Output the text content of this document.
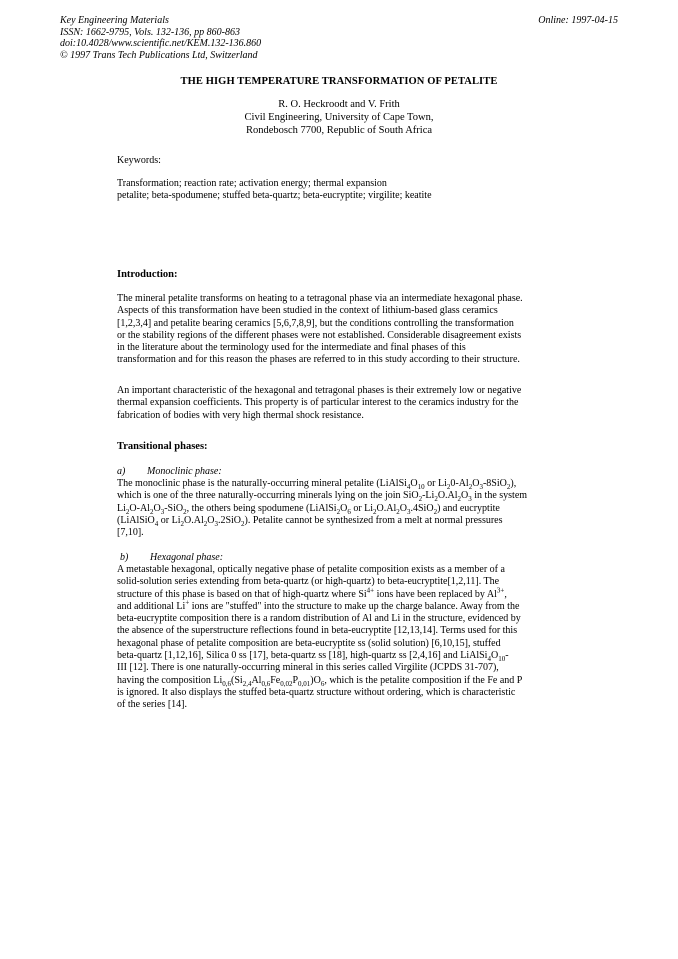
Key Engineering Materials
ISSN: 1662-9795, Vols. 132-136, pp 860-863
doi:10.4028/www.scientific.net/KEM.132-136.860
© 1997 Trans Tech Publications Ltd, Switzerland
Online: 1997-04-15
THE HIGH TEMPERATURE TRANSFORMATION OF PETALITE
R. O. Heckroodt and V. Frith
Civil Engineering, University of Cape Town,
Rondebosch 7700, Republic of South Africa
Keywords:
Transformation; reaction rate; activation energy; thermal expansion
petalite; beta-spodumene; stuffed beta-quartz; beta-eucryptite; virgilite; keatite
Introduction:
The mineral petalite transforms on heating to a tetragonal phase via an intermediate hexagonal phase.
Aspects of this transformation have been studied in the context of lithium-based glass ceramics
[1,2,3,4] and petalite bearing ceramics [5,6,7,8,9], but the conditions controlling the transformation
or the stability regions of the different phases were not established. Considerable disagreement exists
in the literature about the terminology used for the intermediate and final phases of this
transformation and for this reason the phases are referred to in this study according to their structure.
An important characteristic of the hexagonal and tetragonal phases is their extremely low or negative
thermal expansion coefficients. This property is of particular interest to the ceramics industry for the
fabrication of bodies with very high thermal shock resistance.
Transitional phases:
a) Monoclinic phase:
The monoclinic phase is the naturally-occurring mineral petalite ($LiAlSi_4O_{10}$ or $Li_20-Al_2O_3-8SiO_2$),
which is one of the three naturally-occurring minerals lying on the join $SiO_2-Li_2O.Al_2O_3$ in the system
$Li_2O-Al_2O_3-SiO_2$, the others being spodumene ($LiAlSi_2O_6$ or $Li_2O.Al_2O_3.4SiO_2$) and eucryptite
(LiAlSiO$_4$ or $Li_2O.Al_2O_3.2SiO_2$). Petalite cannot be synthesized from a melt at normal pressures
[7,10].
b) Hexagonal phase:
A metastable hexagonal, optically negative phase of petalite composition exists as a member of a
solid-solution series extending from beta-quartz (or high-quartz) to beta-eucryptite[1,2,11]. The
structure of this phase is based on that of high-quartz where $Si^{4+}$ ions have been replaced by $Al^{3+}$,
and additional Li+ ions are "stuffed" into the structure to make up the charge balance. Away from the
beta-eucryptite composition there is a random distribution of Al and Li in the structure, evidenced by
the absence of the superstructure reflections found in beta-eucryptite [12,13,14]. Terms used for this
hexagonal phase of petalite composition are beta-eucryptite ss (solid solution) [6,10,15], stuffed
beta-quartz [1,12,16], Silica 0 ss [17], beta-quartz ss [18], high-quartz ss [2,4,16] and $LiAlSi_4O_{10}-$
III [12]. There is one naturally-occurring mineral in this series called Virgilite (JCPDS 31-707),
having the composition $Li_{0,6}(Si_{2,4}Al_{0,6}Fe_{0,02}P_{0,01})O_6$, which is the petalite composition if the Fe and P
is ignored. It also displays the stuffed beta-quartz structure without ordering, which is characteristic
of the series [14].
